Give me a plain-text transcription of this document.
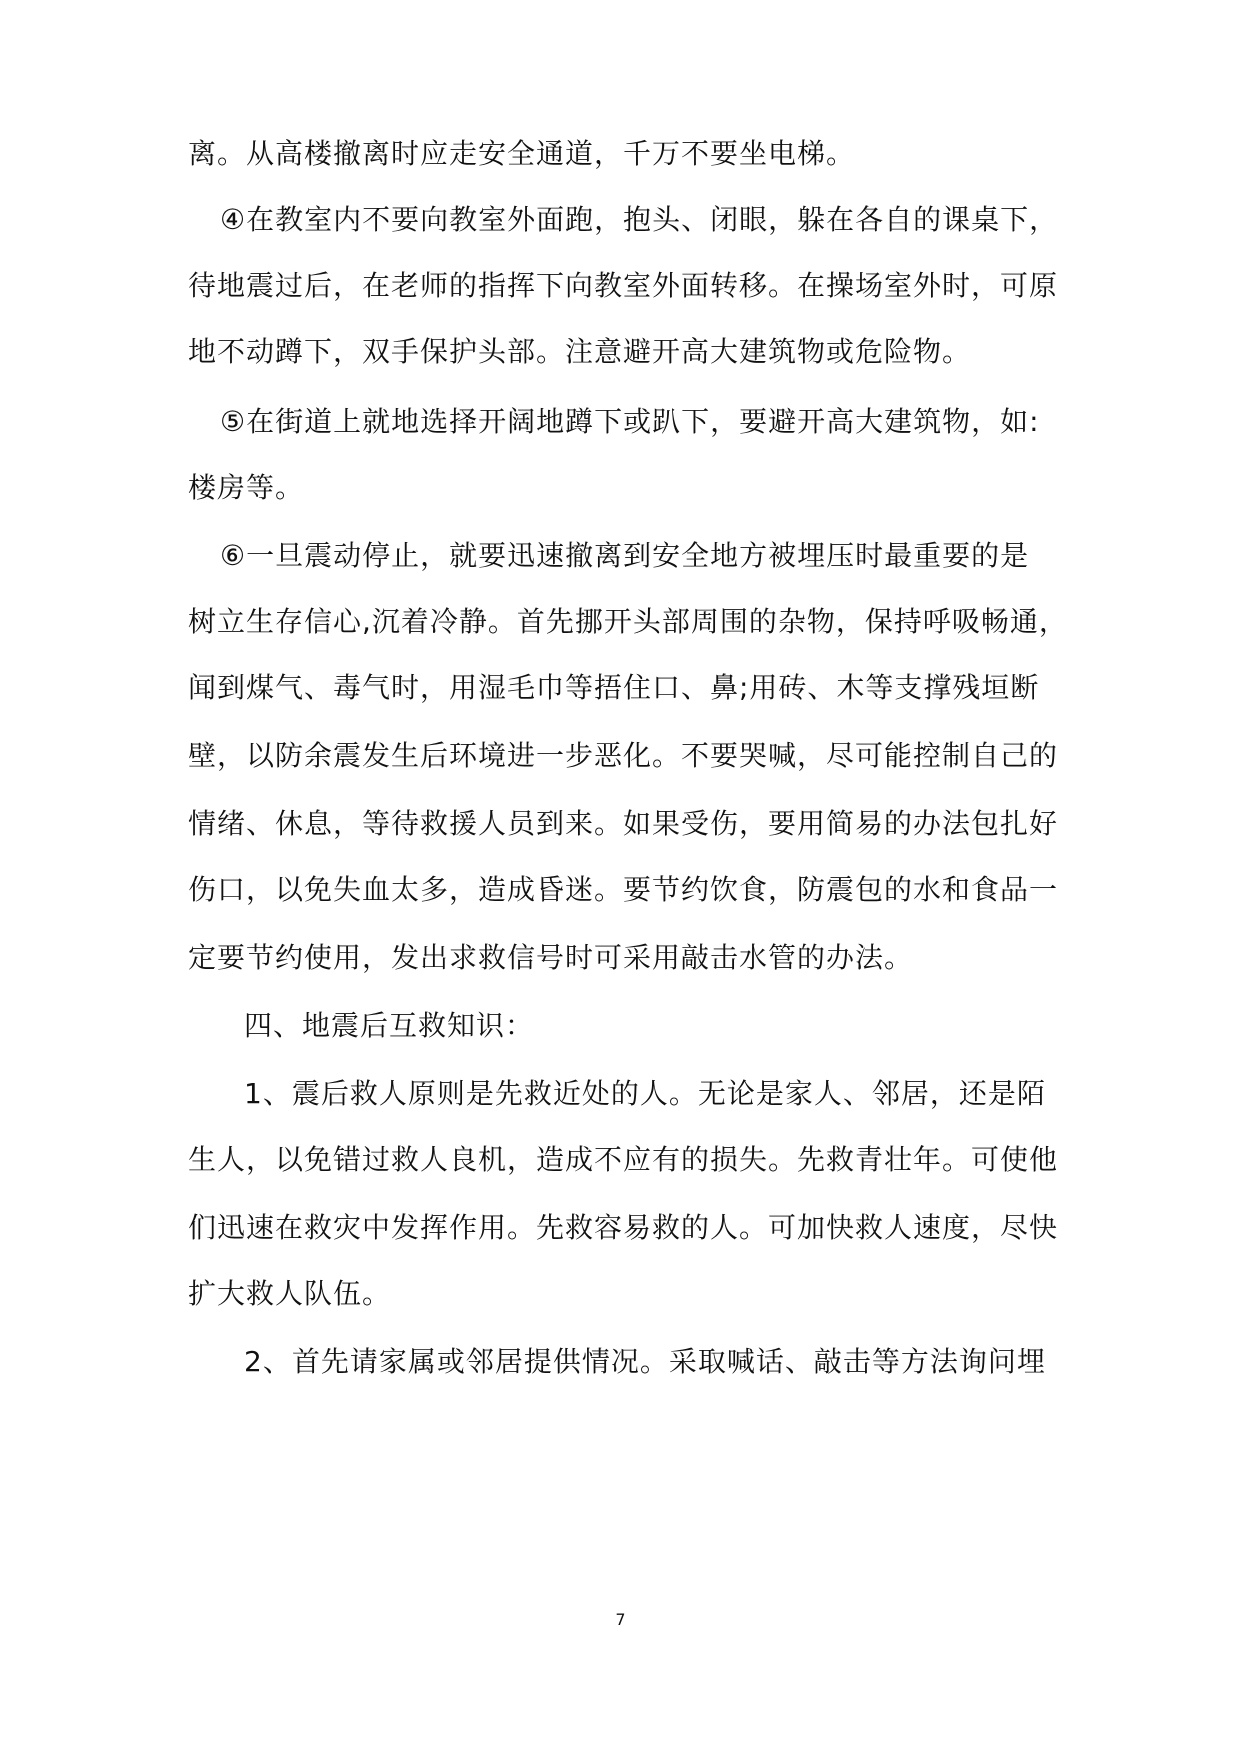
离。从高楼撤离时应走安全通道，千万不要坐电梯。
④在教室内不要向教室外面跑，抱头、闭眼，躲在各自的课桌下，
待地震过后，在老师的指挥下向教室外面转移。在操场室外时，可原
地不动蹲下，双手保护头部。注意避开高大建筑物或危险物。
⑤在街道上就地选择开阔地蹲下或趴下，要避开高大建筑物，如:
楼房等。
⑥一旦震动停止，就要迅速撤离到安全地方被埋压时最重要的是
树立生存信心,沉着冷静。首先挪开头部周围的杂物，保持呼吸畅通，
闻到煤气、毒气时，用湿毛巾等捂住口、鼻;用砖、木等支撑残垣断
壁，以防余震发生后环境进一步恶化。不要哭喊，尽可能控制自己的
情绪、休息，等待救援人员到来。如果受伤，要用简易的办法包扎好
伤口，以免失血太多，造成昏迷。要节约饮食，防震包的水和食品一
定要节约使用，发出求救信号时可采用敲击水管的办法。
四、地震后互救知识：
1、震后救人原则是先救近处的人。无论是家人、邻居，还是陌
生人，以免错过救人良机，造成不应有的损失。先救青壮年。可使他
们迅速在救灾中发挥作用。先救容易救的人。可加快救人速度，尽快
扩大救人队伍。
2、首先请家属或邻居提供情况。采取喊话、敲击等方法询问埋
7
